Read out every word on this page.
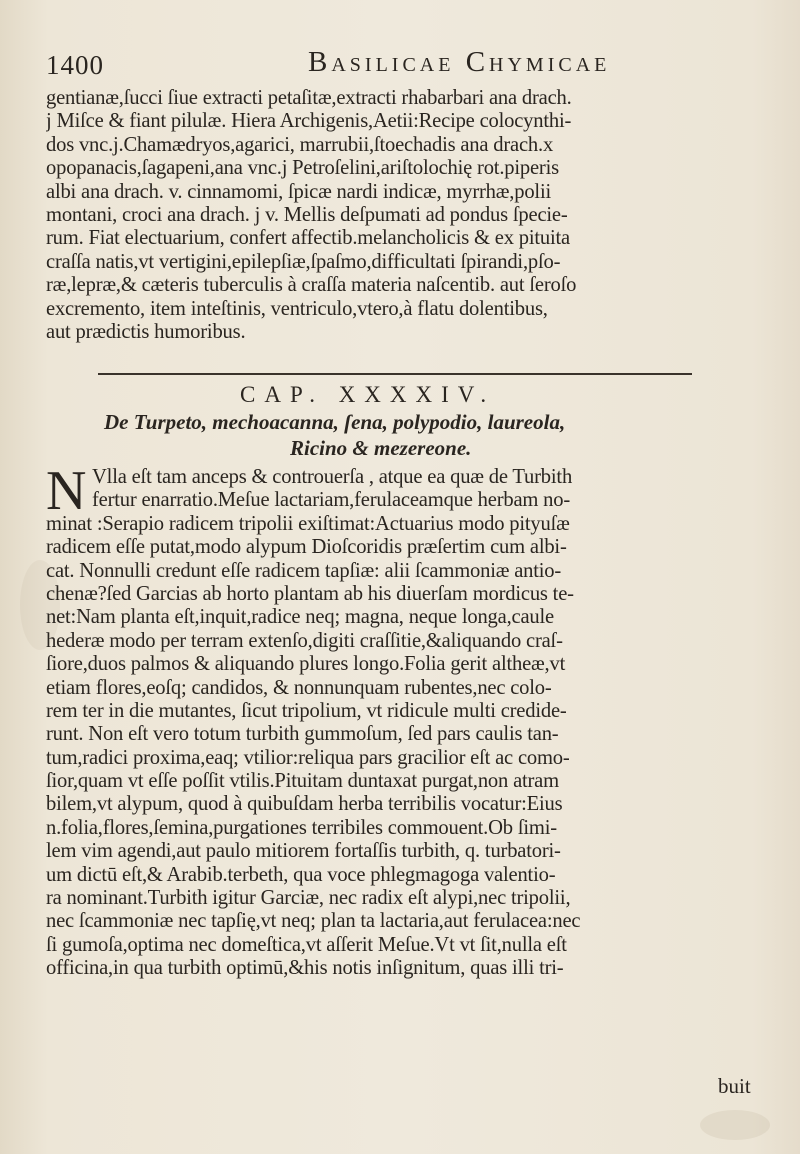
1400	Basilicae Chymicae
gentianæ,ſucci ſiue extracti petaſitæ,extracti rhabarbari ana drach.
j Miſce & fiant pilulæ. Hiera Archigenis,Aetii:Recipe colocynthi-
dos vnc.j.Chamædryos,agarici, marrubii,ſtoechadis ana drach.x
opopanacis,ſagapeni,ana vnc.j Petroſelini,ariſtolochię rot.piperis
albi ana drach. v. cinnamomi, ſpicæ nardi indicæ, myrrhæ,polii
montani, croci ana drach. j v. Mellis deſpumati ad pondus ſpecie-
rum. Fiat electuarium, confert affectib.melancholicis & ex pituita
craſſa natis,vt vertigini,epilepſiæ,ſpaſmo,difficultati ſpirandi,pſo-
ræ,lepræ,& cæteris tuberculis à craſſa materia naſcentib. aut ſeroſo
excremento, item inteſtinis, ventriculo,vtero,à flatu dolentibus,
aut prædictis humoribus.
CAP. XXXXIV.
De Turpeto, mechoacanna, ſena, polypodio, laureola,
Ricino & mezereone.
N Vlla eſt tam anceps & controuerſa , atque ea quæ de Turbith
fertur enarratio.Meſue lactariam,ferulaceamque herbam no-
minat :Serapio radicem tripolii exiſtimat:Actuarius modo pityuſæ
radicem eſſe putat,modo alypum Dioſcoridis præſertim cum albi-
cat. Nonnulli credunt eſſe radicem tapſiæ: alii ſcammoniæ antio-
chenæ?ſed Garcias ab horto plantam ab his diuerſam mordicus te-
net:Nam planta eſt,inquit,radice neq; magna, neque longa,caule
hederæ modo per terram extenſo,digiti craſſitie,&aliquando craſ-
ſiore,duos palmos & aliquando plures longo.Folia gerit altheæ,vt
etiam flores,eoſq; candidos, & nonnunquam rubentes,nec colo-
rem ter in die mutantes, ſicut tripolium, vt ridicule multi credide-
runt. Non eſt vero totum turbith gummoſum, ſed pars caulis tan-
tum,radici proxima,eaq; vtilior:reliqua pars gracilior eſt ac como-
ſior,quam vt eſſe poſſit vtilis.Pituitam duntaxat purgat,non atram
bilem,vt alypum, quod à quibuſdam herba terribilis vocatur:Eius
n.folia,flores,ſemina,purgationes terribiles commouent.Ob ſimi-
lem vim agendi,aut paulo mitiorem fortaſſis turbith, q. turbatori-
um dictū eſt,& Arabib.terbeth, qua voce phlegmagoga valentio-
ra nominant.Turbith igitur Garciæ, nec radix eſt alypi,nec tripolii,
nec ſcammoniæ nec tapſię,vt neq; plan ta lactaria,aut ferulacea:nec
ſi gumoſa,optima nec domeſtica,vt aſſerit Meſue.Vt vt ſit,nulla eſt
officina,in qua turbith optimū,&his notis inſignitum, quas illi tri-
buit
